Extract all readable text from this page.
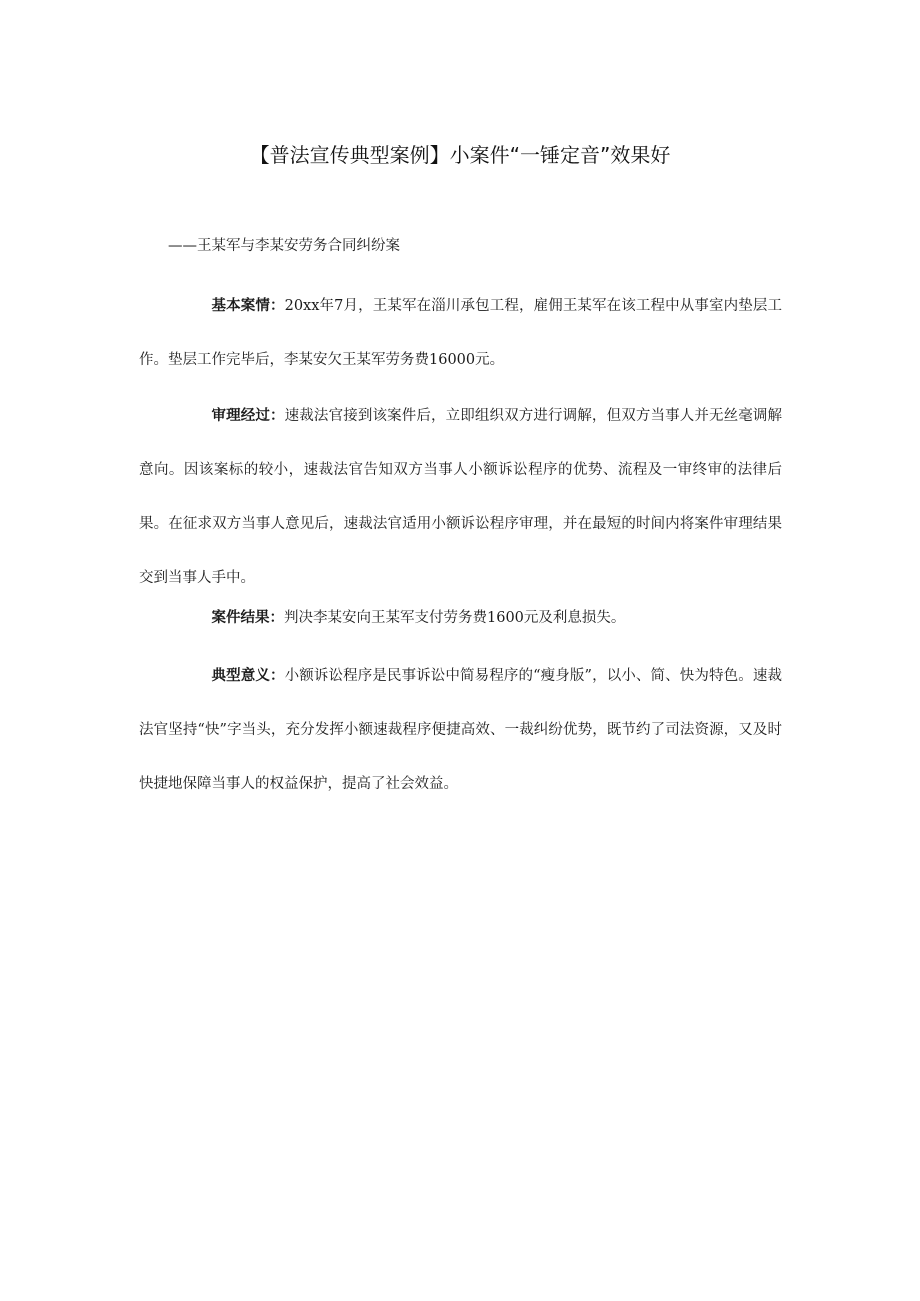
【普法宣传典型案例】小案件“一锤定音”效果好
——王某军与李某安劳务合同纠纷案
基本案情：20xx年7月，王某军在淄川承包工程，雇佣王某军在该工程中从事室内垫层工作。垫层工作完毕后，李某安欠王某军劳务费16000元。
审理经过：速裁法官接到该案件后，立即组织双方进行调解，但双方当事人并无丝毫调解意向。因该案标的较小，速裁法官告知双方当事人小额诉讼程序的优势、流程及一审终审的法律后果。在征求双方当事人意见后，速裁法官适用小额诉讼程序审理，并在最短的时间内将案件审理结果交到当事人手中。
案件结果：判决李某安向王某军支付劳务费1600元及利息损失。
典型意义：小额诉讼程序是民事诉讼中简易程序的“瘦身版”，以小、简、快为特色。速裁法官坚持“快”字当头，充分发挥小额速裁程序便捷高效、一裁纠纷优势，既节约了司法资源，又及时快捷地保障当事人的权益保护，提高了社会效益。
